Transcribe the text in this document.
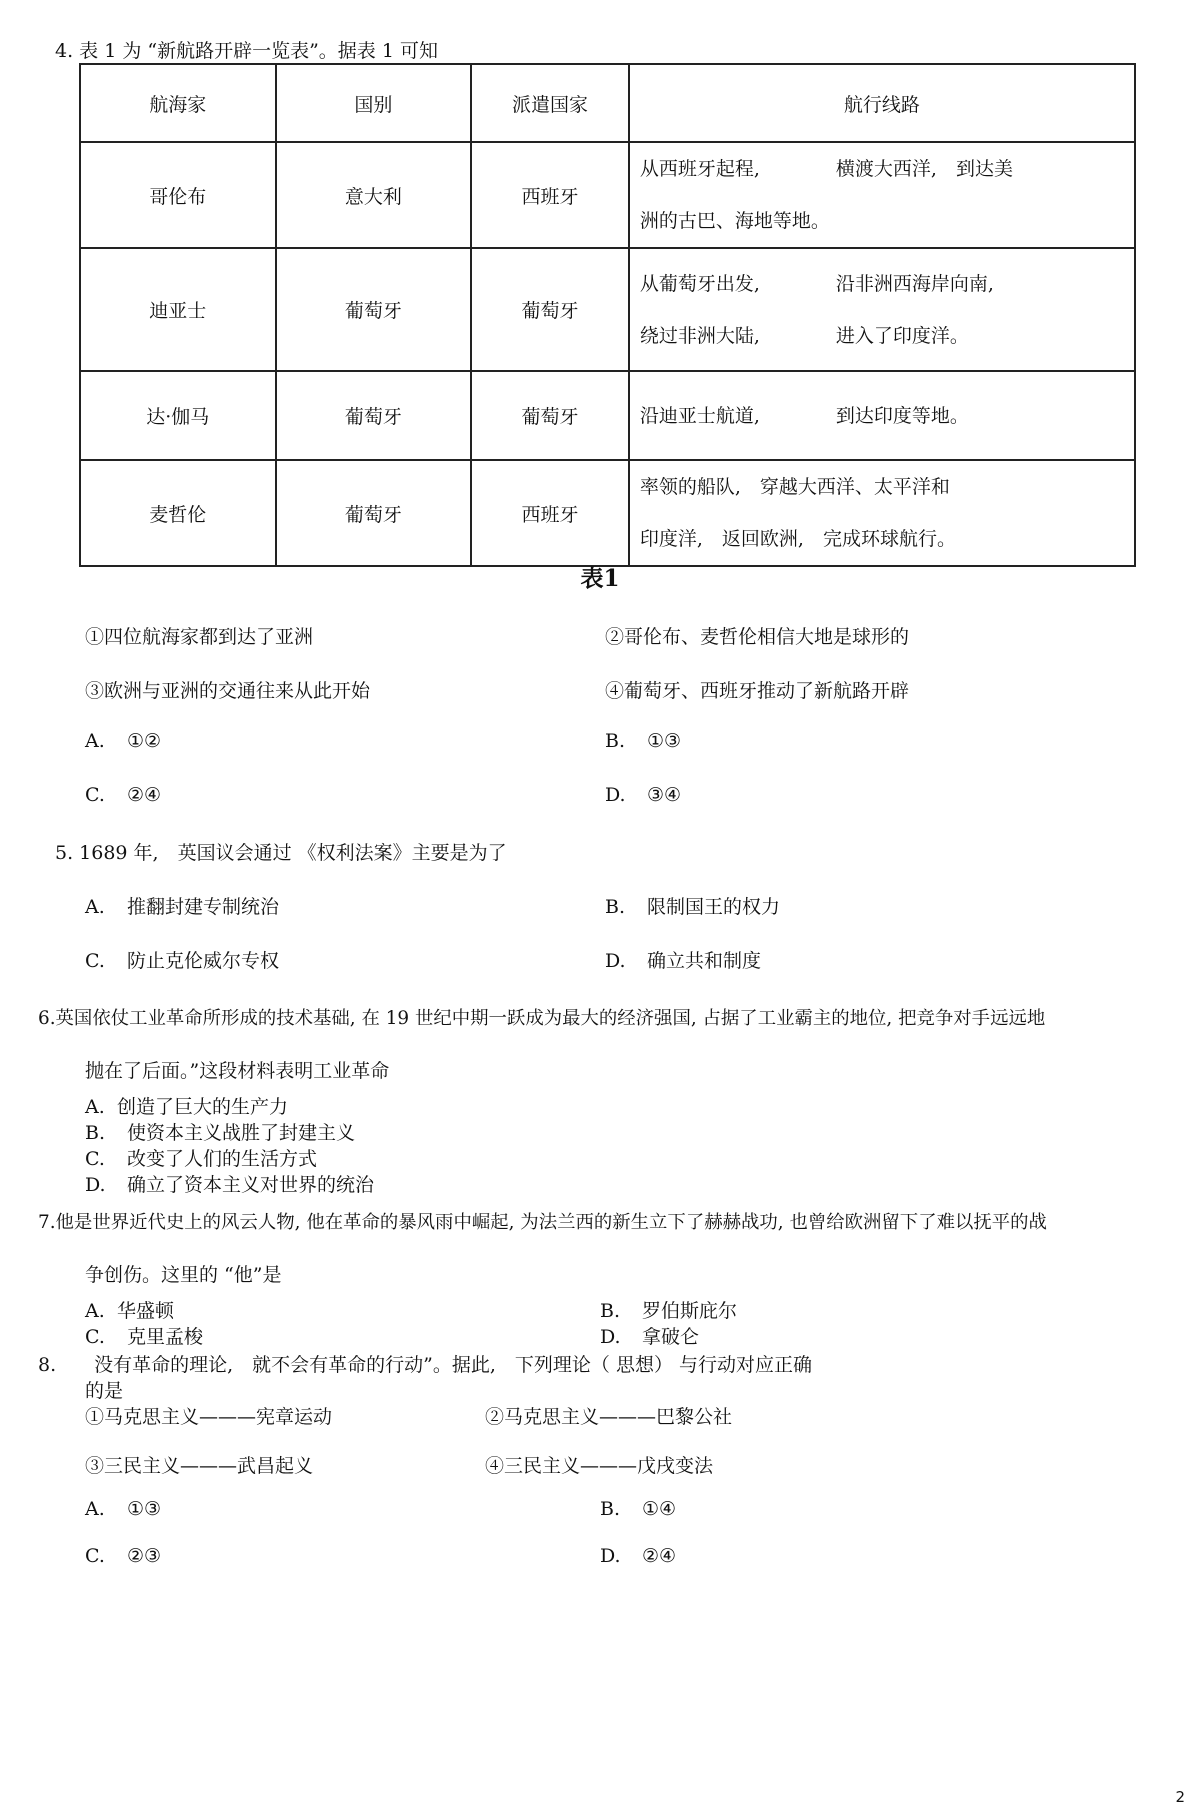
4. 表 1 为 “新航路开辟一览表”。据表 1 可知
航海家	国别	派遣国家	航行线路
哥伦布	意大利	西班牙	从西班牙起程,　　　　横渡大西洋,　到达美
洲的古巴、海地等地。

迪亚士	葡萄牙	葡萄牙	从葡萄牙出发,　　　　沿非洲西海岸向南,
绕过非洲大陆,　　　　进入了印度洋。

达·伽马	葡萄牙	葡萄牙	沿迪亚士航道,　　　　到达印度等地。

麦哲伦	葡萄牙	西班牙	率领的船队,　穿越大西洋、太平洋和
印度洋,　返回欧洲,　完成环球航行。
表1
①四位航海家都到达了亚洲	②哥伦布、麦哲伦相信大地是球形的
③欧洲与亚洲的交通往来从此开始	④葡萄牙、西班牙推动了新航路开辟
A. ①②	B. ①③
C. ②④	D. ③④
5. 1689 年,　英国议会通过 《权利法案》主要是为了
A. 推翻封建专制统治	B. 限制国王的权力
C. 防止克伦威尔专权	D. 确立共和制度
6.英国依仗工业革命所形成的技术基础, 在 19 世纪中期一跃成为最大的经济强国, 占据了工业霸主的地位, 把竞争对手远远地
抛在了后面。”这段材料表明工业革命
A. 创造了巨大的生产力
B. 使资本主义战胜了封建主义
C. 改变了人们的生活方式
D. 确立了资本主义对世界的统治
7.他是世界近代史上的风云人物, 他在革命的暴风雨中崛起, 为法兰西的新生立下了赫赫战功, 也曾给欧洲留下了难以抚平的战
争创伤。这里的 “他”是
A. 华盛顿	B. 罗伯斯庇尔
C. 克里孟梭	D. 拿破仑
8.　　没有革命的理论,　就不会有革命的行动”。据此,　下列理论（ 思想） 与行动对应正确
的是
①马克思主义———宪章运动	②马克思主义———巴黎公社
③三民主义———武昌起义	④三民主义———戊戌变法
A. ①③	B. ①④
C. ②③	D. ②④
2
